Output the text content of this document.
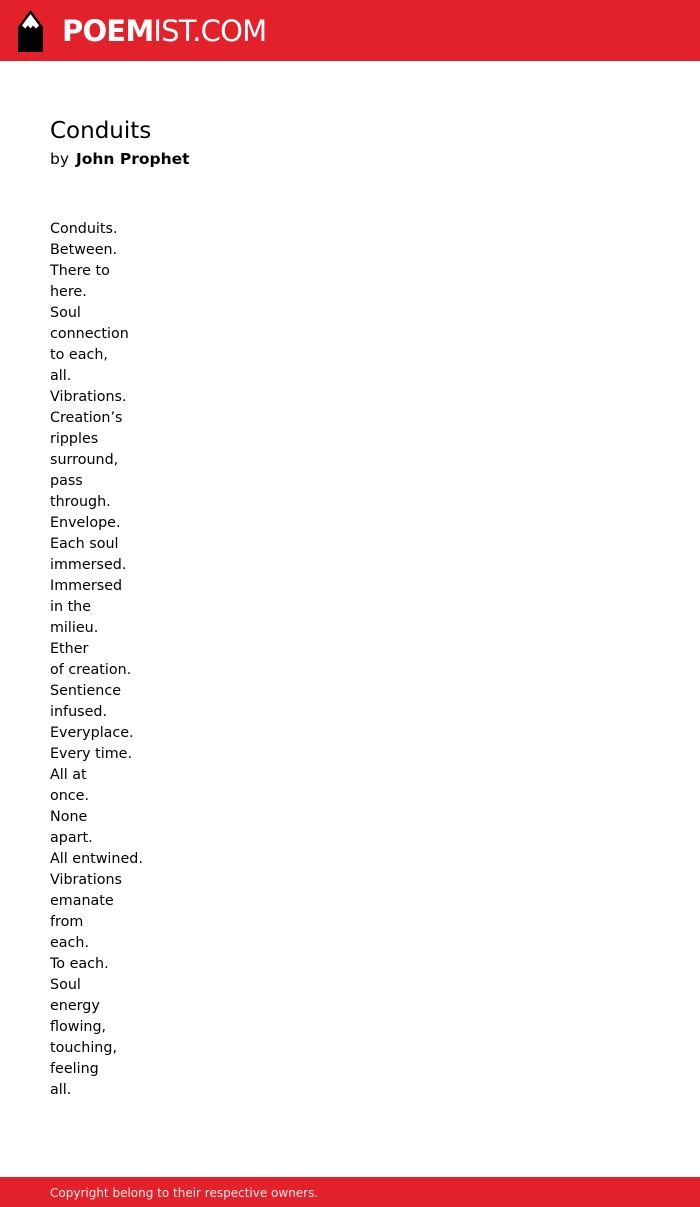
POEMIST.COM
Conduits
by John Prophet
Conduits.
Between.
There to
here.
Soul
connection
to each,
all.
Vibrations.
Creation’s
ripples
surround,
pass
through.
Envelope.
Each soul
immersed.
Immersed
in the
milieu.
Ether
of creation.
Sentience
infused.
Everyplace.
Every time.
All at
once.
None
apart.
All entwined.
Vibrations
emanate
from
each.
To each.
Soul
energy
flowing,
touching,
feeling
all.
Copyright belong to their respective owners.
